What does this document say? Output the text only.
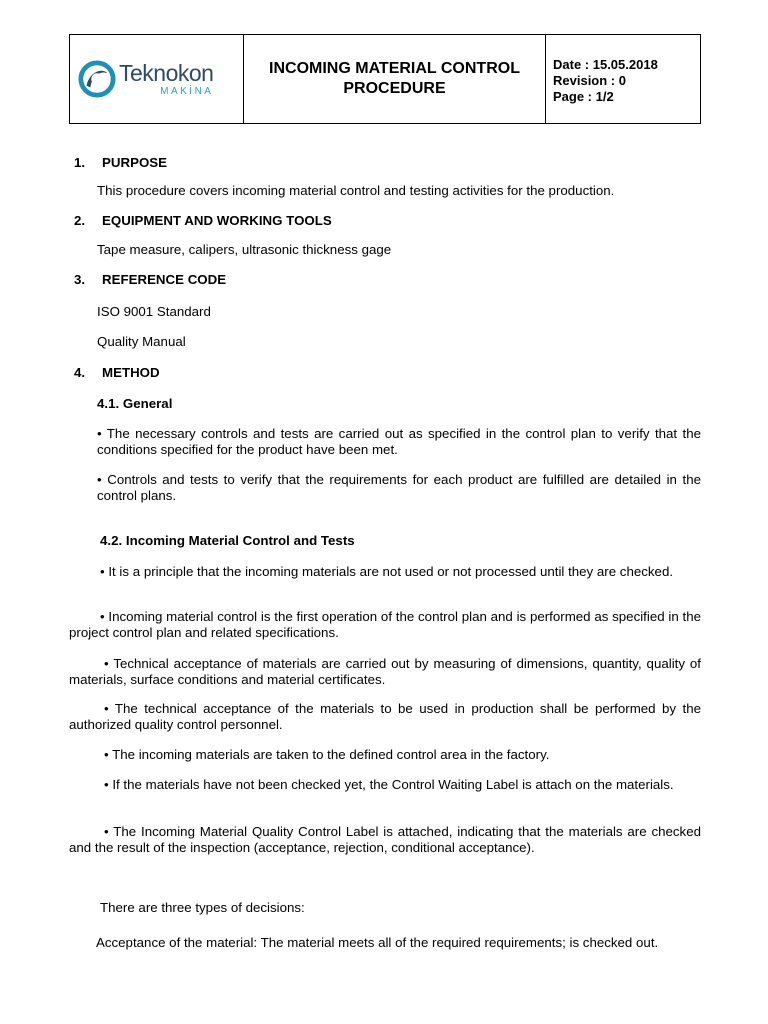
Teknokon
MAKİNA
INCOMING MATERIAL CONTROL
PROCEDURE
Date : 15.05.2018
Revision : 0
Page : 1/2
1. PURPOSE
This procedure covers incoming material control and testing activities for the production.
2. EQUIPMENT AND WORKING TOOLS
Tape measure, calipers, ultrasonic thickness gage
3. REFERENCE CODE
ISO 9001 Standard
Quality Manual
4. METHOD
4.1. General
• The necessary controls and tests are carried out as specified in the control plan to verify that the conditions specified for the product have been met.
• Controls and tests to verify that the requirements for each product are fulfilled are detailed in the control plans.
4.2. Incoming Material Control and Tests
• It is a principle that the incoming materials are not used or not processed until they are checked.
• Incoming material control is the first operation of the control plan and is performed as specified in the project control plan and related specifications.
• Technical acceptance of materials are carried out by measuring of dimensions, quantity, quality of materials, surface conditions and material certificates.
• The technical acceptance of the materials to be used in production shall be performed by the authorized quality control personnel.
• The incoming materials are taken to the defined control area in the factory.
• If the materials have not been checked yet, the Control Waiting Label is attach on the materials.
• The Incoming Material Quality Control Label is attached, indicating that the materials are checked and the result of the inspection (acceptance, rejection, conditional acceptance).
There are three types of decisions:
Acceptance of the material: The material meets all of the required requirements; is checked out.
